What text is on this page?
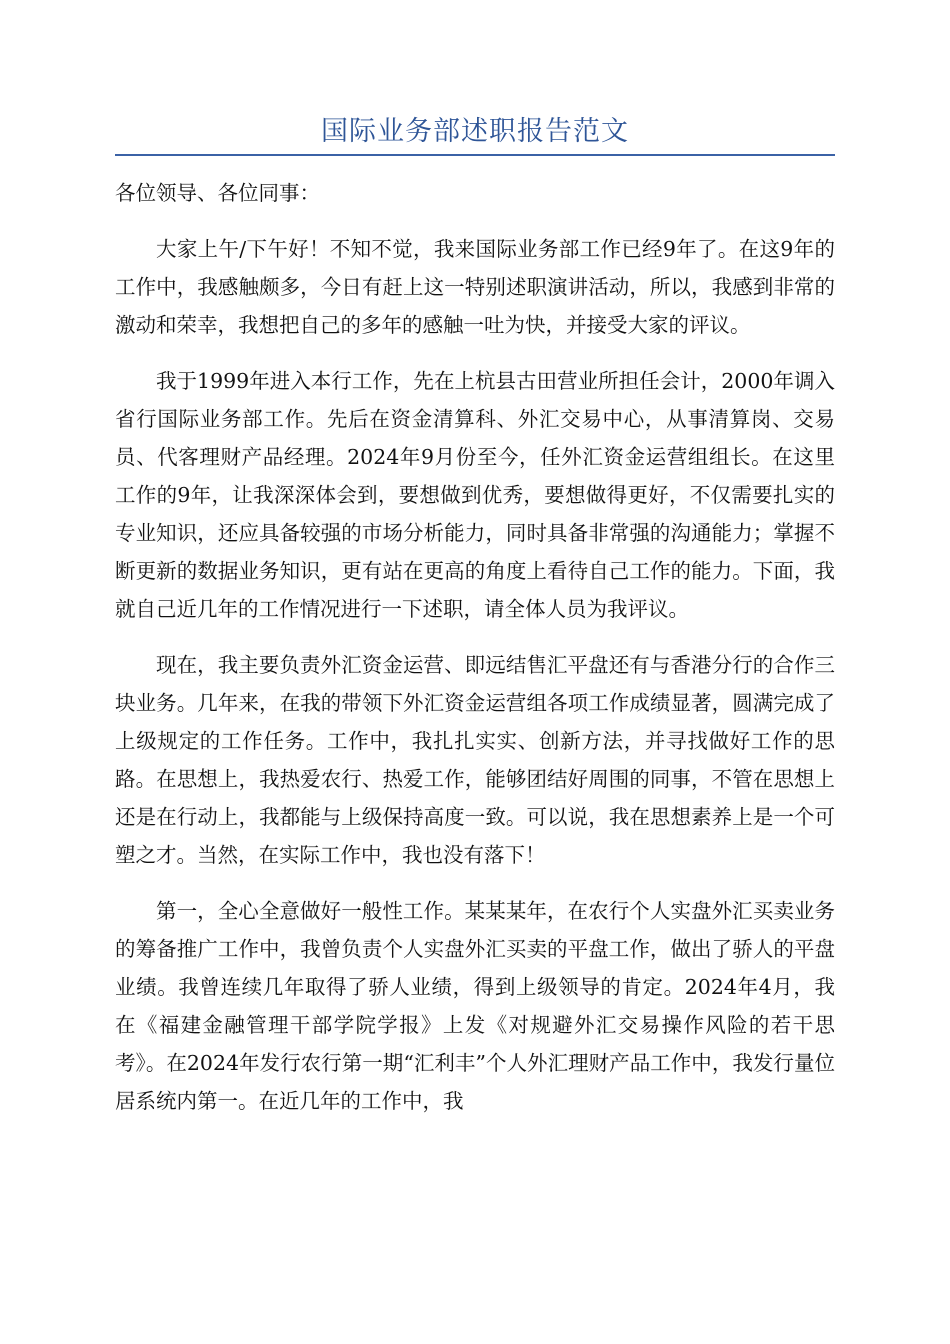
国际业务部述职报告范文

各位领导、各位同事：

大家上午/下午好！不知不觉，我来国际业务部工作已经9年了。在这9年的工作中，我感触颇多，今日有赶上这一特别述职演讲活动，所以，我感到非常的激动和荣幸，我想把自己的多年的感触一吐为快，并接受大家的评议。

我于1999年进入本行工作，先在上杭县古田营业所担任会计，2000年调入省行国际业务部工作。先后在资金清算科、外汇交易中心，从事清算岗、交易员、代客理财产品经理。2024年9月份至今，任外汇资金运营组组长。在这里工作的9年，让我深深体会到，要想做到优秀，要想做得更好，不仅需要扎实的专业知识，还应具备较强的市场分析能力，同时具备非常强的沟通能力；掌握不断更新的数据业务知识，更有站在更高的角度上看待自己工作的能力。下面，我就自己近几年的工作情况进行一下述职，请全体人员为我评议。

现在，我主要负责外汇资金运营、即远结售汇平盘还有与香港分行的合作三块业务。几年来，在我的带领下外汇资金运营组各项工作成绩显著，圆满完成了上级规定的工作任务。工作中，我扎扎实实、创新方法，并寻找做好工作的思路。在思想上，我热爱农行、热爱工作，能够团结好周围的同事，不管在思想上还是在行动上，我都能与上级保持高度一致。可以说，我在思想素养上是一个可塑之才。当然，在实际工作中，我也没有落下！

第一，全心全意做好一般性工作。某某某年，在农行个人实盘外汇买卖业务的筹备推广工作中，我曾负责个人实盘外汇买卖的平盘工作，做出了骄人的平盘业绩。我曾连续几年取得了骄人业绩，得到上级领导的肯定。2024年4月，我在《福建金融管理干部学院学报》上发《对规避外汇交易操作风险的若干思考》。在2024年发行农行第一期“汇利丰”个人外汇理财产品工作中，我发行量位居系统内第一。在近几年的工作中，我
